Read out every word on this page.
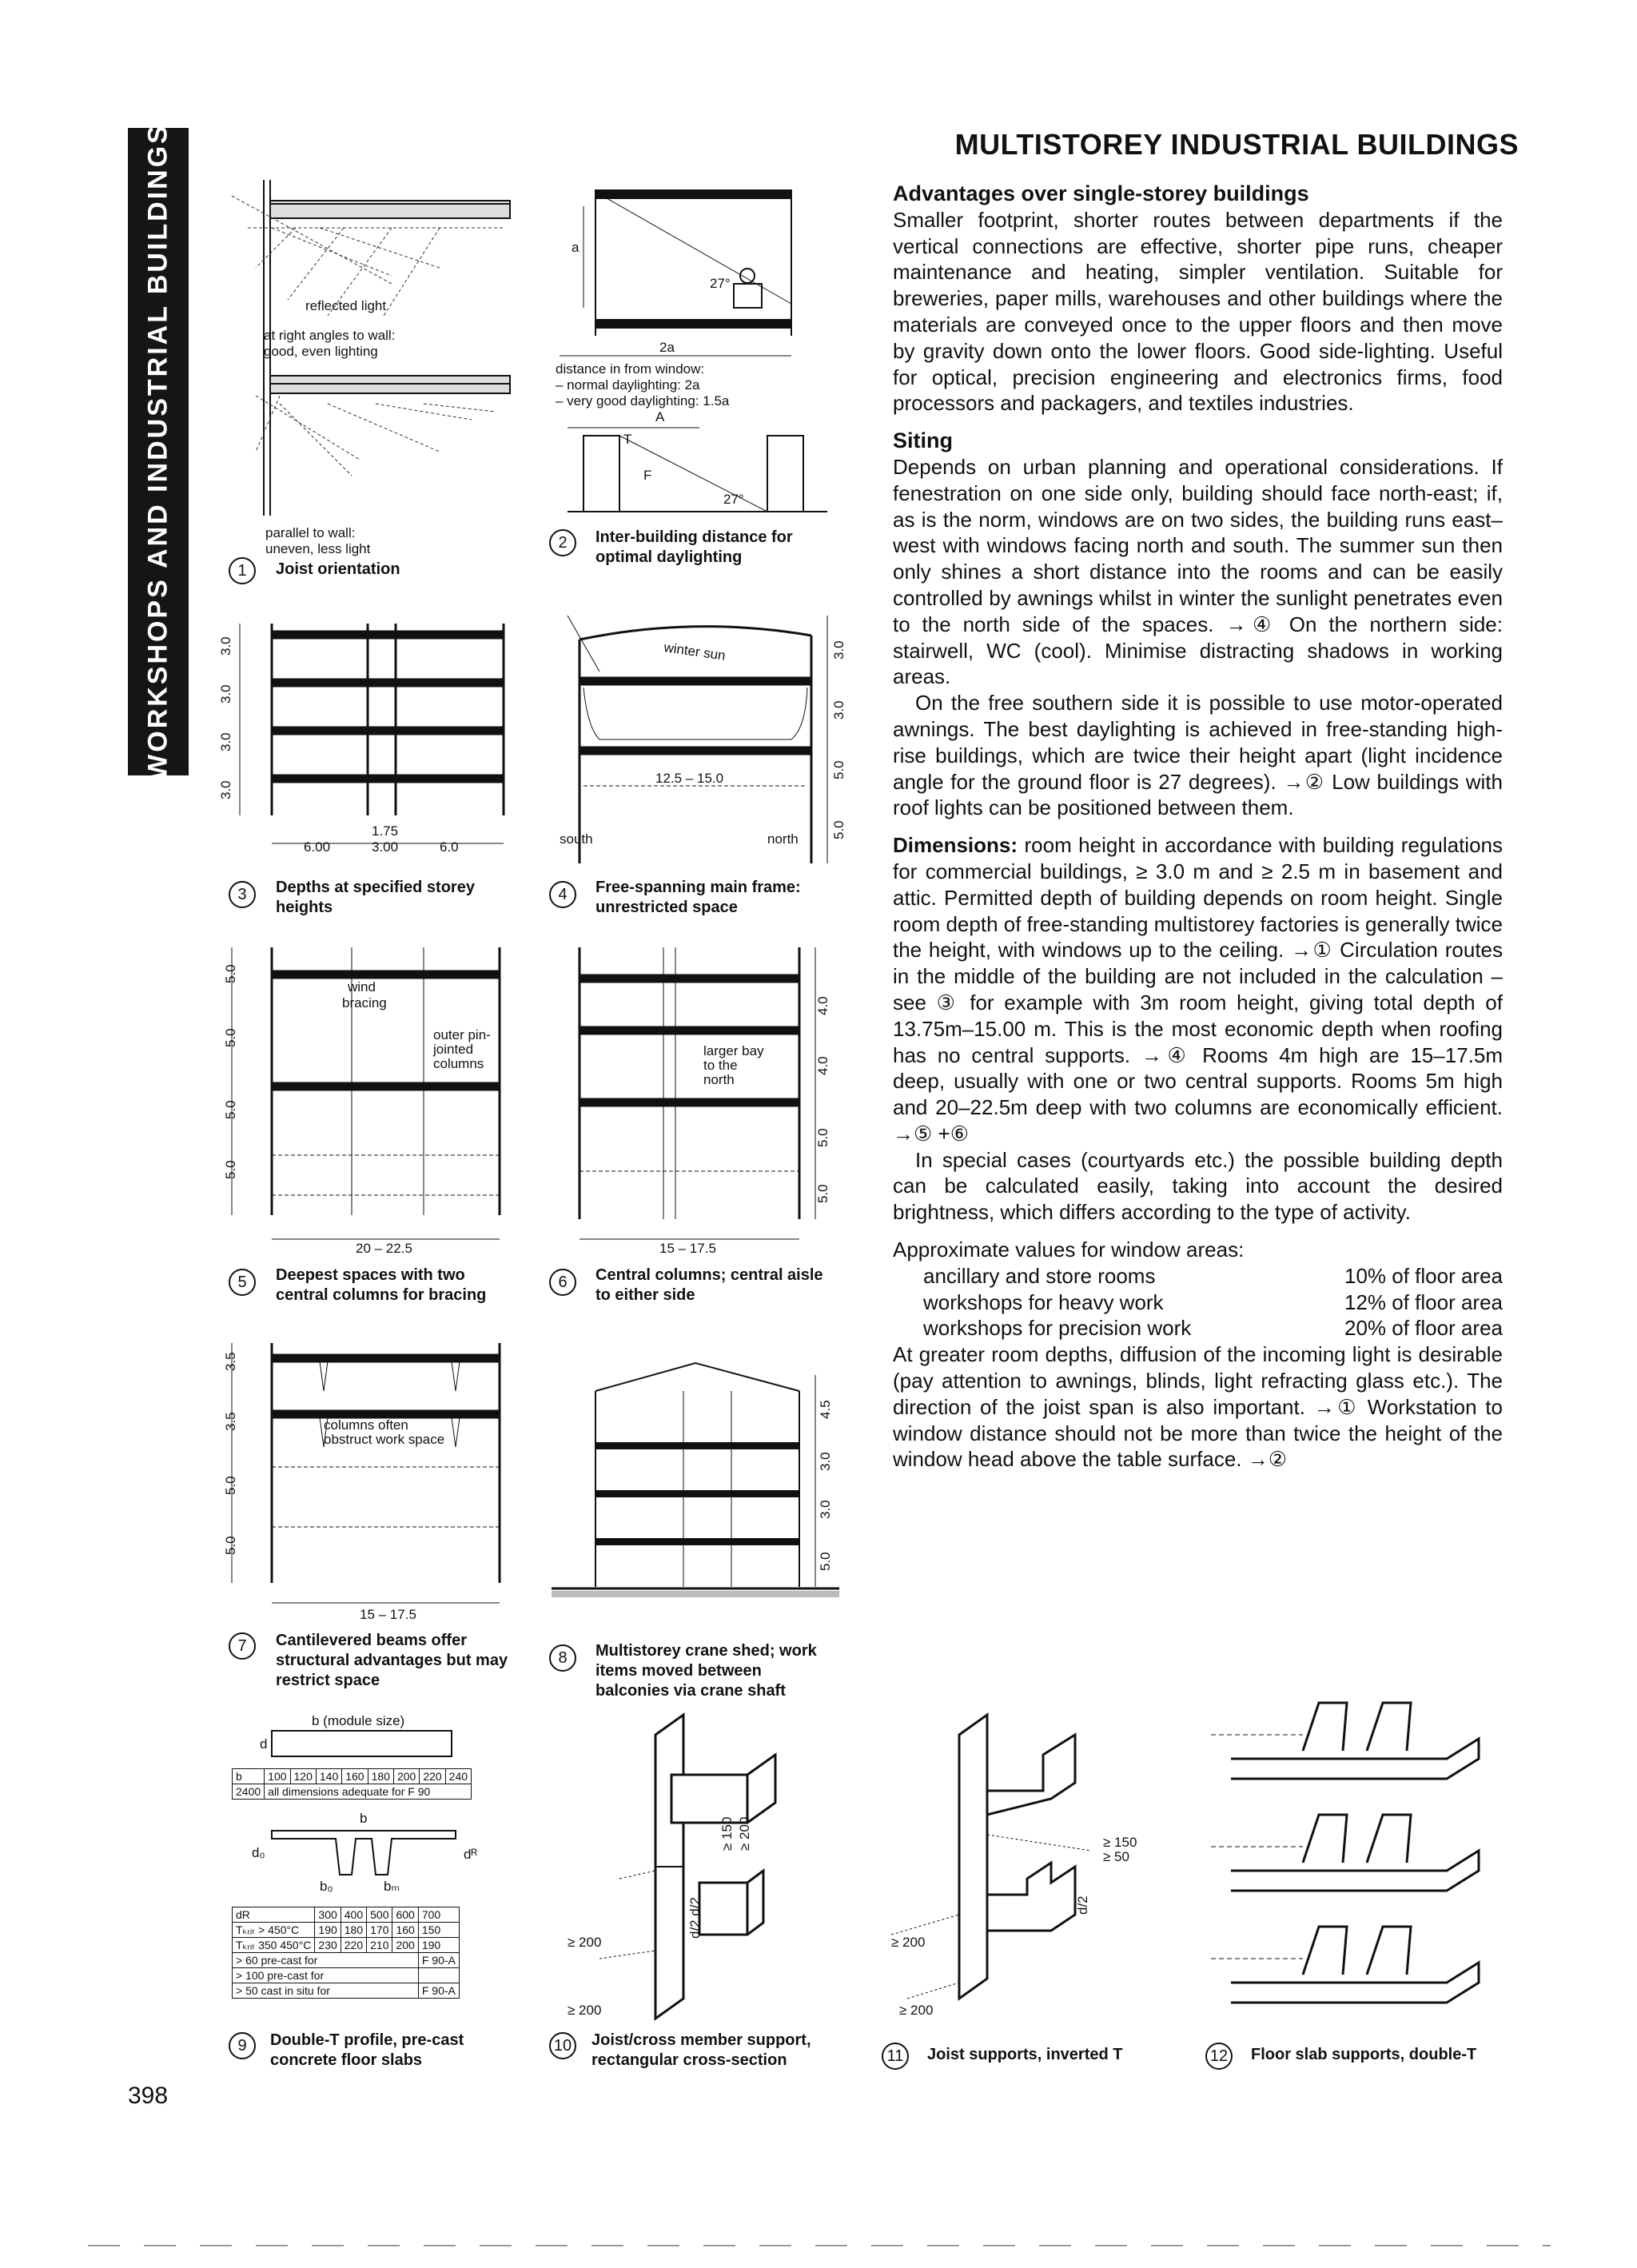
WORKSHOPS AND INDUSTRIAL BUILDINGS	MULTISTOREY INDUSTRIAL BUILDINGS
Advantages over single-storey buildings

Smaller footprint, shorter routes between departments if the vertical connections are effective, shorter pipe runs, cheaper maintenance and heating, simpler ventilation. Suitable for breweries, paper mills, warehouses and other buildings where the materials are conveyed once to the upper floors and then move by gravity down onto the lower floors. Good side-lighting. Useful for optical, precision engineering and electronics firms, food processors and packagers, and textiles industries.

Siting

Depends on urban planning and operational considerations. If fenestration on one side only, building should face north-east; if, as is the norm, windows are on two sides, the building runs east–west with windows facing north and south. The summer sun then only shines a short distance into the rooms and can be easily controlled by awnings whilst in winter the sunlight penetrates even to the north side of the spaces. →④ On the northern side: stairwell, WC (cool). Minimise distracting shadows in working areas.

On the free southern side it is possible to use motor-operated awnings. The best daylighting is achieved in free-standing high-rise buildings, which are twice their height apart (light incidence angle for the ground floor is 27 degrees). →② Low buildings with roof lights can be positioned between them.

Dimensions: room height in accordance with building regulations for commercial buildings, ≥ 3.0 m and ≥ 2.5 m in basement and attic. Permitted depth of building depends on room height. Single room depth of free-standing multistorey factories is generally twice the height, with windows up to the ceiling. →① Circulation routes in the middle of the building are not included in the calculation – see ③ for example with 3m room height, giving total depth of 13.75m–15.00 m. This is the most economic depth when roofing has no central supports. →④ Rooms 4m high are 15–17.5m deep, usually with one or two central supports. Rooms 5m high and 20–22.5m deep with two columns are economically efficient. →⑤ +⑥

In special cases (courtyards etc.) the possible building depth can be calculated easily, taking into account the desired brightness, which differs according to the type of activity.

Approximate values for window areas:

ancillary and store rooms	10% of floor area
workshops for heavy work	12% of floor area
workshops for precision work	20% of floor area

At greater room depths, diffusion of the incoming light is desirable (pay attention to awnings, blinds, light refracting glass etc.). The direction of the joist span is also important. →① Workstation to window distance should not be more than twice the height of the window head above the table surface. →②

398
reflected light
at right angles to wall:
good, even lighting
parallel to wall:
uneven, less light
1	Joist orientation
a
27°
2a
distance in from window:
– normal daylighting: 2a
– very good daylighting: 1.5a
A
T
F
27°
2	Inter-building distance for optimal daylighting
3.0
3.0
3.0
3.0
6.00
1.75
3.00	6.0
3	Depths at specified storey heights
winter sun
12.5 – 15.0
south	north
3.0
3.0
5.0
5.0
4	Free-spanning main frame: unrestricted space
wind
bracing
outer pin-
jointed
columns
5.0
5.0
5.0
5.0
20 – 22.5
5	Deepest spaces with two central columns for bracing
larger bay
to the
north
4.0
4.0
5.0
5.0
15 – 17.5
6	Central columns; central aisle to either side
columns often
obstruct work space
3.5
3.5
5.0
5.0
15 – 17.5
7	Cantilevered beams offer structural advantages but may restrict space
4.5
3.0
3.0
5.0
8	Multistorey crane shed; work items moved between balconies via crane shaft
b (module size)
d
b	100	120	140	160	180	200	220	240
2400	all dimensions adequate for F 90							
b
d₀	dᴿ
b₀	bₘ
dR	300	400	500	600	700
Tₖᵣᵢₜ > 450°C	190	180	170	160	150
Tₖᵣᵢₜ 350 450°C	230	220	210	200	190
> 60 pre-cast for					F 90-A
> 100 pre-cast for					
> 50 cast in situ for					F 90-A
9	Double-T profile, pre-cast concrete floor slabs
≥ 150 ≥ 200
d/2 d/2
≥ 200
≥ 200
10 Joist/cross member support, rectangular cross-section
≥ 150
≥ 50
≥ 200
≥ 200
d/2
11	Joist supports, inverted T	12 Floor slab supports, double-T
